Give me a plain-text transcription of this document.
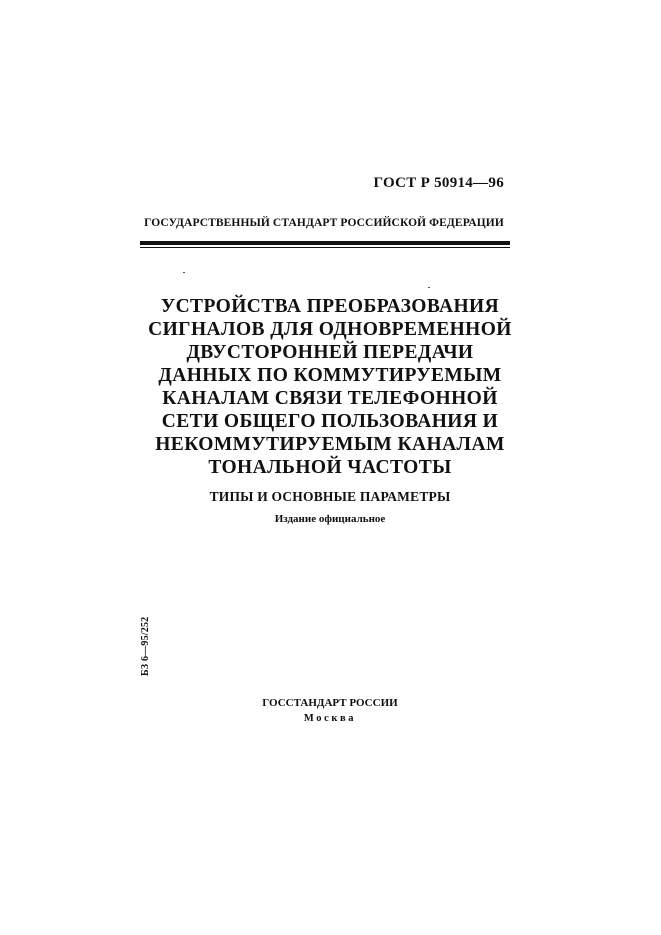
ГОСТ Р 50914—96
ГОСУДАРСТВЕННЫЙ СТАНДАРТ РОССИЙСКОЙ ФЕДЕРАЦИИ
УСТРОЙСТВА ПРЕОБРАЗОВАНИЯ
СИГНАЛОВ ДЛЯ ОДНОВРЕМЕННОЙ
ДВУСТОРОННЕЙ ПЕРЕДАЧИ
ДАННЫХ ПО КОММУТИРУЕМЫМ
КАНАЛАМ СВЯЗИ ТЕЛЕФОННОЙ
СЕТИ ОБЩЕГО ПОЛЬЗОВАНИЯ И
НЕКОММУТИРУЕМЫМ КАНАЛАМ
ТОНАЛЬНОЙ ЧАСТОТЫ
ТИПЫ И ОСНОВНЫЕ ПАРАМЕТРЫ
Издание официальное
БЗ 6—95/252
ГОССТАНДАРТ РОССИИ
Москва
